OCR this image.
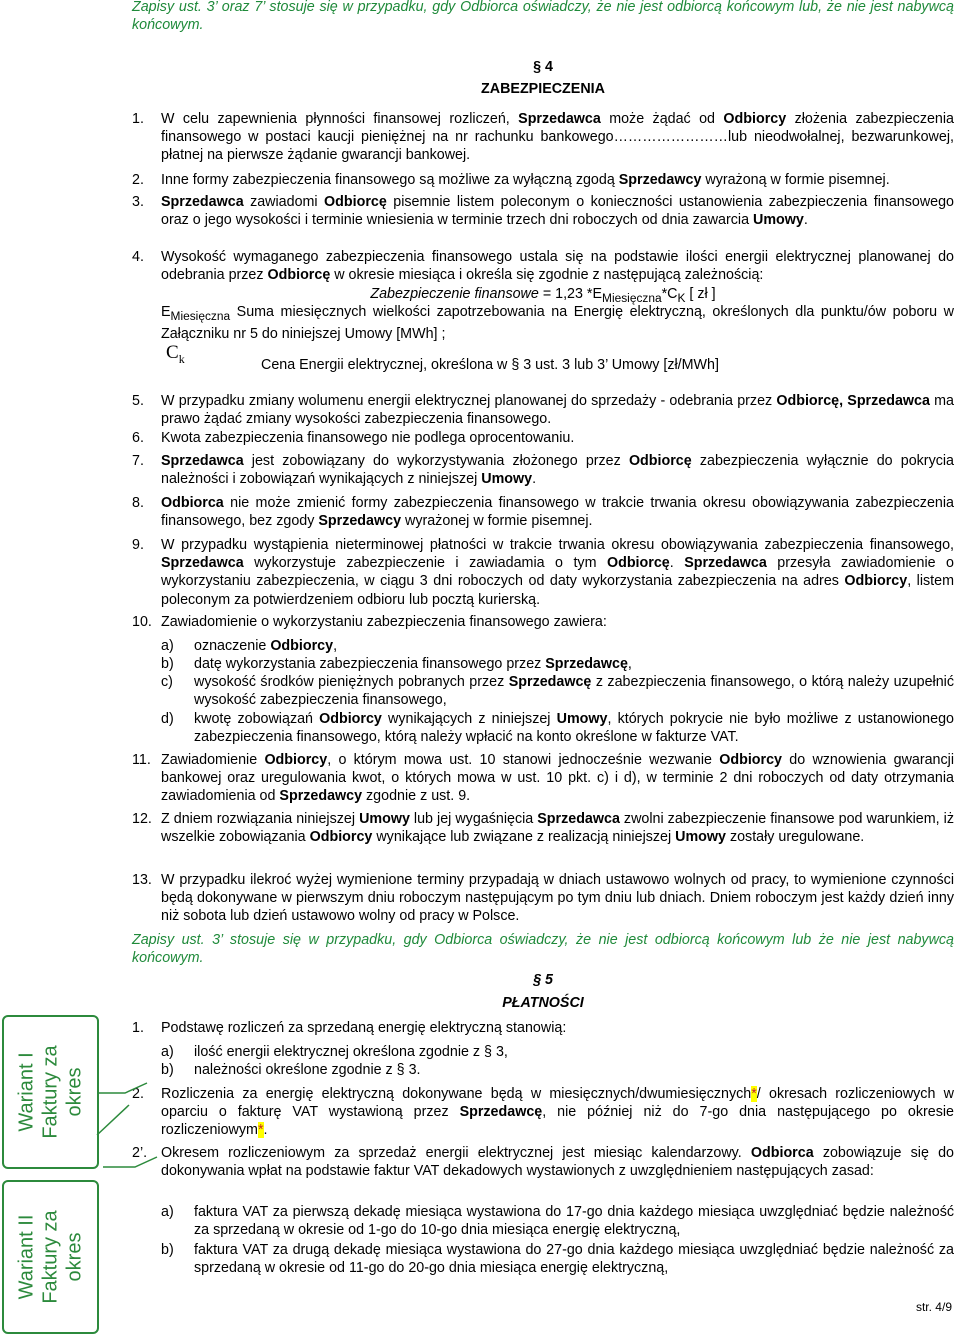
Zapisy ust. 3’ oraz 7’ stosuje się w przypadku, gdy Odbiorca oświadczy, że nie jest odbiorcą końcowym lub, że nie jest nabywcą końcowym.
§ 4
ZABEZPIECZENIA
1.	W celu zapewnienia płynności finansowej rozliczeń, Sprzedawca może żądać od Odbiorcy złożenia zabezpieczenia finansowego w postaci kaucji pieniężnej na nr rachunku bankowego……………………lub nieodwołalnej, bezwarunkowej, płatnej na pierwsze żądanie gwarancji bankowej.
2.	Inne formy zabezpieczenia finansowego są możliwe za wyłączną zgodą Sprzedawcy wyrażoną w formie pisemnej.
3.	Sprzedawca zawiadomi Odbiorcę pisemnie listem poleconym o konieczności ustanowienia zabezpieczenia finansowego oraz o jego wysokości i terminie wniesienia w terminie trzech dni roboczych od dnia zawarcia Umowy.
4.	Wysokość wymaganego zabezpieczenia finansowego ustala się na podstawie ilości energii elektrycznej planowanej do odebrania przez Odbiorcę w okresie miesiąca i określa się zgodnie z następującą zależnością:
Zabezpieczenie finansowe = 1,23 $*E_{Miesięczna}*C_K$ [ zł ]
$E_{Miesięczna}$ Suma miesięcznych wielkości zapotrzebowania na Energię elektryczną, określonych dla punktu/ów poboru w Załączniku nr 5 do niniejszej Umowy [MWh] ;
$C_k$	Cena Energii elektrycznej, określona w § 3 ust. 3 lub 3’ Umowy [zł/MWh]
5.	W przypadku zmiany wolumenu energii elektrycznej planowanej do sprzedaży - odebrania przez Odbiorcę, Sprzedawca ma prawo żądać zmiany wysokości zabezpieczenia finansowego.
6.	Kwota zabezpieczenia finansowego nie podlega oprocentowaniu.
7.	Sprzedawca jest zobowiązany do wykorzystywania złożonego przez Odbiorcę zabezpieczenia wyłącznie do pokrycia należności i zobowiązań wynikających z niniejszej Umowy.
8.	Odbiorca nie może zmienić formy zabezpieczenia finansowego w trakcie trwania okresu obowiązywania zabezpieczenia finansowego, bez zgody Sprzedawcy wyrażonej w formie pisemnej.
9.	W przypadku wystąpienia nieterminowej płatności w trakcie trwania okresu obowiązywania zabezpieczenia finansowego, Sprzedawca wykorzystuje zabezpieczenie i zawiadamia o tym Odbiorcę. Sprzedawca przesyła zawiadomienie o wykorzystaniu zabezpieczenia, w ciągu 3 dni roboczych od daty wykorzystania zabezpieczenia na adres Odbiorcy, listem poleconym za potwierdzeniem odbioru lub pocztą kurierską.
10. Zawiadomienie o wykorzystaniu zabezpieczenia finansowego zawiera:
a)	oznaczenie Odbiorcy,
b)	datę wykorzystania zabezpieczenia finansowego przez Sprzedawcę,
c)	wysokość środków pieniężnych pobranych przez Sprzedawcę z zabezpieczenia finansowego, o którą należy uzupełnić wysokość zabezpieczenia finansowego,
d)	kwotę zobowiązań Odbiorcy wynikających z niniejszej Umowy, których pokrycie nie było możliwe z ustanowionego zabezpieczenia finansowego, którą należy wpłacić na konto określone w fakturze VAT.
11. Zawiadomienie Odbiorcy, o którym mowa ust. 10 stanowi jednocześnie wezwanie Odbiorcy do wznowienia gwarancji bankowej oraz uregulowania kwot, o których mowa w ust. 10 pkt. c) i d), w terminie 2 dni roboczych od daty otrzymania zawiadomienia od Sprzedawcy zgodnie z ust. 9.
12. Z dniem rozwiązania niniejszej Umowy lub jej wygaśnięcia Sprzedawca zwolni zabezpieczenie finansowe pod warunkiem, iż wszelkie zobowiązania Odbiorcy wynikające lub związane z realizacją niniejszej Umowy zostały uregulowane.
13. W przypadku ilekroć wyżej wymienione terminy przypadają w dniach ustawowo wolnych od pracy, to wymienione czynności będą dokonywane w pierwszym dniu roboczym następującym po tym dniu lub dniach. Dniem roboczym jest każdy dzień inny niż sobota lub dzień ustawowo wolny od pracy w Polsce.
Zapisy ust. 3’ stosuje się w przypadku, gdy Odbiorca oświadczy, że nie jest odbiorcą końcowym lub że nie jest nabywcą końcowym.
§ 5
PŁATNOŚCI
1.	Podstawę rozliczeń za sprzedaną energię elektryczną stanowią:
a)	ilość energii elektrycznej określona zgodnie z § 3,
b)	należności określone zgodnie z § 3.
2.	Rozliczenia za energię elektryczną dokonywane będą w miesięcznych/dwumiesięcznych*/ okresach rozliczeniowych w oparciu o fakturę VAT wystawioną przez Sprzedawcę, nie później niż do 7-go dnia następującego po okresie rozliczeniowym*.
2’. Okresem rozliczeniowym za sprzedaż energii elektrycznej jest miesiąc kalendarzowy. Odbiorca zobowiązuje się do dokonywania wpłat na podstawie faktur VAT dekadowych wystawionych z uwzględnieniem następujących zasad:
a)	faktura VAT za pierwszą dekadę miesiąca wystawiona do 17-go dnia każdego miesiąca uwzględniać będzie należność za sprzedaną w okresie od 1-go do 10-go dnia miesiąca energię elektryczną,
b)	faktura VAT za drugą dekadę miesiąca wystawiona do 27-go dnia każdego miesiąca uwzględniać będzie należność za sprzedaną w okresie od 11-go do 20-go dnia miesiąca energię elektryczną,
Wariant I Faktury za okres
Wariant II Faktury za okres
str. 4/9
